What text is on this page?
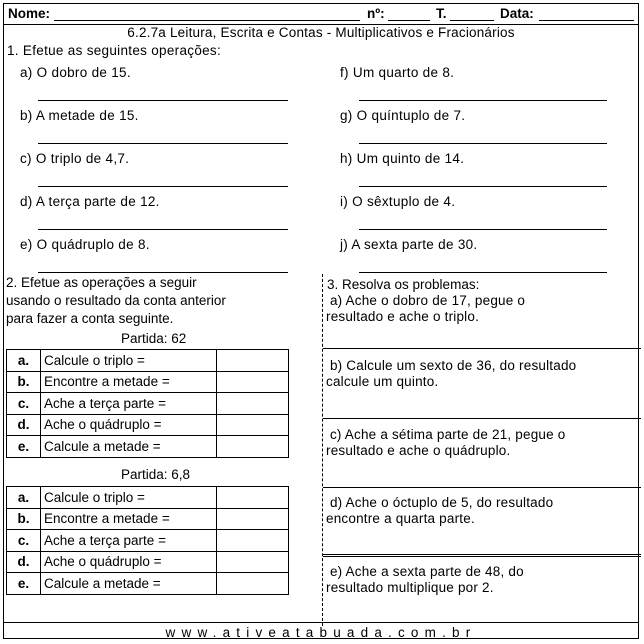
Nome:	nº:	T.	Data:
6.2.7a Leitura, Escrita e Contas - Multiplicativos e Fracionários
1. Efetue as seguintes operações:
a) O dobro de 15.
b) A metade de 15.
c) O triplo de 4,7.
d) A terça parte de 12.
e) O quádruplo de 8.
f) Um quarto de 8.
g) O quíntuplo de 7.
h) Um quinto de 14.
i) O sêxtuplo de 4.
j) A sexta parte de 30.
2. Efetue as operações a seguir
usando o resultado da conta anterior
para fazer a conta seguinte.
Partida: 62
a.	Calcule o triplo =	
b.	Encontre a metade =	
c.	Ache a terça parte =	
d.	Ache o quádruplo =	
e.	Calcule a metade =	
Partida: 6,8
a.	Calcule o triplo =	
b.	Encontre a metade =	
c.	Ache a terça parte =	
d.	Ache o quádruplo =	
e.	Calcule a metade =	
3. Resolva os problemas:
a) Ache o dobro de 17, pegue o
resultado e ache o triplo.
b) Calcule um sexto de 36, do resultado
calcule um quinto.
c) Ache a sétima parte de 21, pegue o
resultado e ache o quádruplo.
d) Ache o óctuplo de 5, do resultado
encontre a quarta parte.
e) Ache a sexta parte de 48, do
resultado multiplique por 2.
www.ativeatabuada.com.br
